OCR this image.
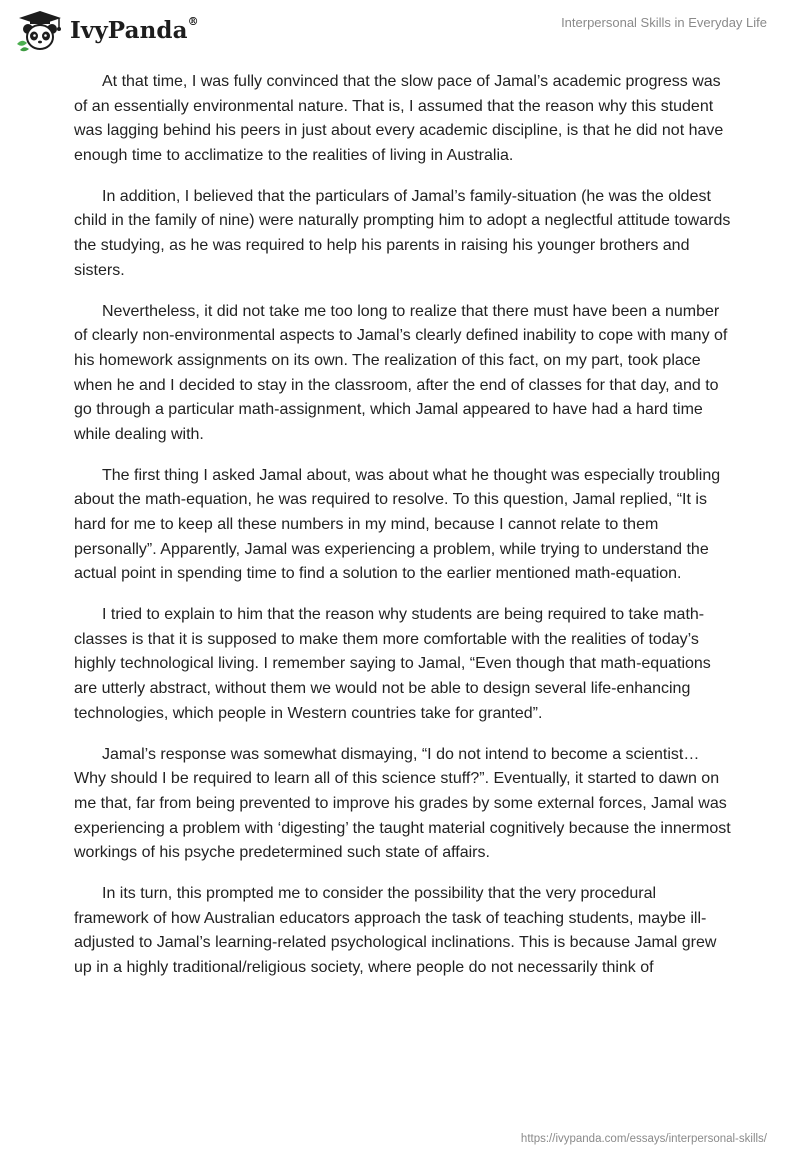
IvyPanda®	Interpersonal Skills in Everyday Life

At that time, I was fully convinced that the slow pace of Jamal’s academic progress was of an essentially environmental nature. That is, I assumed that the reason why this student was lagging behind his peers in just about every academic discipline, is that he did not have enough time to acclimatize to the realities of living in Australia.

In addition, I believed that the particulars of Jamal’s family-situation (he was the oldest child in the family of nine) were naturally prompting him to adopt a neglectful attitude towards the studying, as he was required to help his parents in raising his younger brothers and sisters.

Nevertheless, it did not take me too long to realize that there must have been a number of clearly non-environmental aspects to Jamal’s clearly defined inability to cope with many of his homework assignments on its own. The realization of this fact, on my part, took place when he and I decided to stay in the classroom, after the end of classes for that day, and to go through a particular math-assignment, which Jamal appeared to have had a hard time while dealing with.

The first thing I asked Jamal about, was about what he thought was especially troubling about the math-equation, he was required to resolve. To this question, Jamal replied, “It is hard for me to keep all these numbers in my mind, because I cannot relate to them personally”. Apparently, Jamal was experiencing a problem, while trying to understand the actual point in spending time to find a solution to the earlier mentioned math-equation.

I tried to explain to him that the reason why students are being required to take math-classes is that it is supposed to make them more comfortable with the realities of today’s highly technological living. I remember saying to Jamal, “Even though that math-equations are utterly abstract, without them we would not be able to design several life-enhancing technologies, which people in Western countries take for granted”.

Jamal’s response was somewhat dismaying, “I do not intend to become a scientist… Why should I be required to learn all of this science stuff?”. Eventually, it started to dawn on me that, far from being prevented to improve his grades by some external forces, Jamal was experiencing a problem with ‘digesting’ the taught material cognitively because the innermost workings of his psyche predetermined such state of affairs.

In its turn, this prompted me to consider the possibility that the very procedural framework of how Australian educators approach the task of teaching students, maybe ill-adjusted to Jamal’s learning-related psychological inclinations. This is because Jamal grew up in a highly traditional/religious society, where people do not necessarily think of

https://ivypanda.com/essays/interpersonal-skills/
